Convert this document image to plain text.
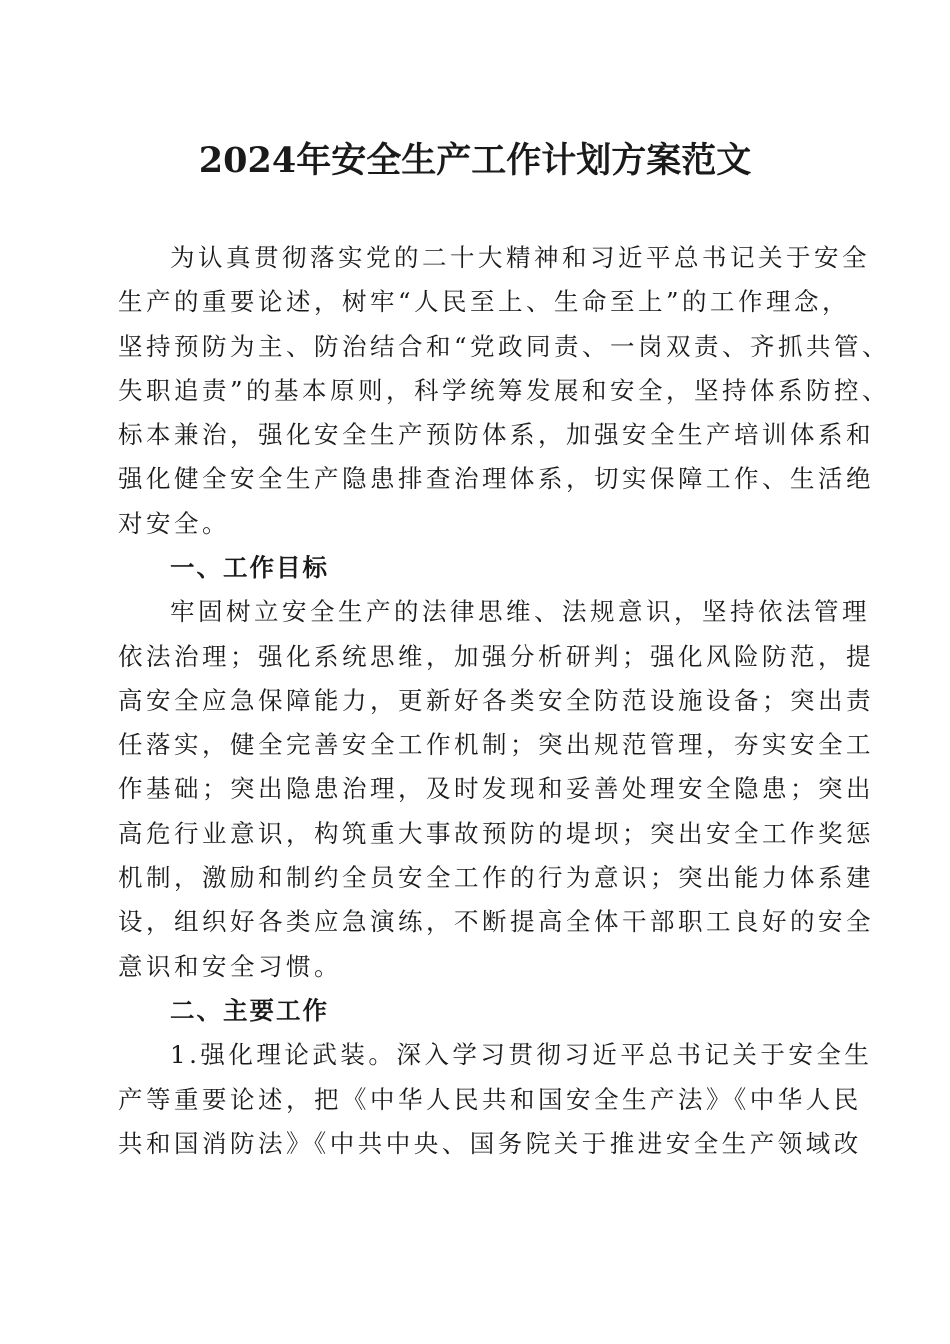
2024年安全生产工作计划方案范文
为认真贯彻落实党的二十大精神和习近平总书记关于安全
生产的重要论述，树牢“人民至上、生命至上”的工作理念，
坚持预防为主、防治结合和“党政同责、一岗双责、齐抓共管、
失职追责”的基本原则，科学统筹发展和安全，坚持体系防控、
标本兼治，强化安全生产预防体系，加强安全生产培训体系和
强化健全安全生产隐患排查治理体系，切实保障工作、生活绝
对安全。
一、工作目标
牢固树立安全生产的法律思维、法规意识，坚持依法管理
依法治理；强化系统思维，加强分析研判；强化风险防范，提
高安全应急保障能力，更新好各类安全防范设施设备；突出责
任落实，健全完善安全工作机制；突出规范管理，夯实安全工
作基础；突出隐患治理，及时发现和妥善处理安全隐患；突出
高危行业意识，构筑重大事故预防的堤坝；突出安全工作奖惩
机制，激励和制约全员安全工作的行为意识；突出能力体系建
设，组织好各类应急演练，不断提高全体干部职工良好的安全
意识和安全习惯。
二、主要工作
1.强化理论武装。深入学习贯彻习近平总书记关于安全生
产等重要论述，把《中华人民共和国安全生产法》《中华人民
共和国消防法》《中共中央、国务院关于推进安全生产领域改
